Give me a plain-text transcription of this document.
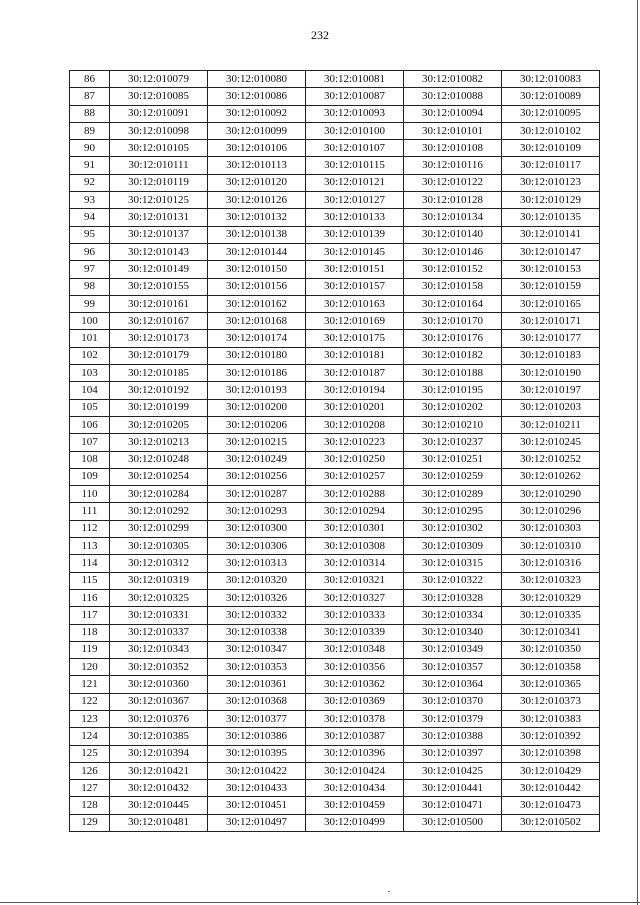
232
86	30:12:010079	30:12:010080	30:12:010081	30:12:010082	30:12:010083
87	30:12:010085	30:12:010086	30:12:010087	30:12:010088	30:12:010089
88	30:12:010091	30:12:010092	30:12:010093	30:12:010094	30:12:010095
89	30:12:010098	30:12:010099	30:12:010100	30:12:010101	30:12:010102
90	30:12:010105	30:12:010106	30:12:010107	30:12:010108	30:12:010109
91	30:12:010111	30:12:010113	30:12:010115	30:12:010116	30:12:010117
92	30:12:010119	30:12:010120	30:12:010121	30:12:010122	30:12:010123
93	30:12:010125	30:12:010126	30:12:010127	30:12:010128	30:12:010129
94	30:12:010131	30:12:010132	30:12:010133	30:12:010134	30:12:010135
95	30:12:010137	30:12:010138	30:12:010139	30:12:010140	30:12:010141
96	30:12:010143	30:12:010144	30:12:010145	30:12:010146	30:12:010147
97	30:12:010149	30:12:010150	30:12:010151	30:12:010152	30:12:010153
98	30:12:010155	30:12:010156	30:12:010157	30:12:010158	30:12:010159
99	30:12:010161	30:12:010162	30:12:010163	30:12:010164	30:12:010165
100	30:12:010167	30:12:010168	30:12:010169	30:12:010170	30:12:010171
101	30:12:010173	30:12:010174	30:12:010175	30:12:010176	30:12:010177
102	30:12:010179	30:12:010180	30:12:010181	30:12:010182	30:12:010183
103	30:12:010185	30:12:010186	30:12:010187	30:12:010188	30:12:010190
104	30:12:010192	30:12:010193	30:12:010194	30:12:010195	30:12:010197
105	30:12:010199	30:12:010200	30:12:010201	30:12:010202	30:12:010203
106	30:12:010205	30:12:010206	30:12:010208	30:12:010210	30:12:010211
107	30:12:010213	30:12:010215	30:12:010223	30:12:010237	30:12:010245
108	30:12:010248	30:12:010249	30:12:010250	30:12:010251	30:12:010252
109	30:12:010254	30:12:010256	30:12:010257	30:12:010259	30:12:010262
110	30:12:010284	30:12:010287	30:12:010288	30:12:010289	30:12:010290
111	30:12:010292	30:12:010293	30:12:010294	30:12:010295	30:12:010296
112	30:12:010299	30:12:010300	30:12:010301	30:12:010302	30:12:010303
113	30:12:010305	30:12:010306	30:12:010308	30:12:010309	30:12:010310
114	30:12:010312	30:12:010313	30:12:010314	30:12:010315	30:12:010316
115	30:12:010319	30:12:010320	30:12:010321	30:12:010322	30:12:010323
116	30:12:010325	30:12:010326	30:12:010327	30:12:010328	30:12:010329
117	30:12:010331	30:12:010332	30:12:010333	30:12:010334	30:12:010335
118	30:12:010337	30:12:010338	30:12:010339	30:12:010340	30:12:010341
119	30:12:010343	30:12:010347	30:12:010348	30:12:010349	30:12:010350
120	30:12:010352	30:12:010353	30:12:010356	30:12:010357	30:12:010358
121	30:12:010360	30:12:010361	30:12:010362	30:12:010364	30:12:010365
122	30:12:010367	30:12:010368	30:12:010369	30:12:010370	30:12:010373
123	30:12:010376	30:12:010377	30:12:010378	30:12:010379	30:12:010383
124	30:12:010385	30:12:010386	30:12:010387	30:12:010388	30:12:010392
125	30:12:010394	30:12:010395	30:12:010396	30:12:010397	30:12:010398
126	30:12:010421	30:12:010422	30:12:010424	30:12:010425	30:12:010429
127	30:12:010432	30:12:010433	30:12:010434	30:12:010441	30:12:010442
128	30:12:010445	30:12:010451	30:12:010459	30:12:010471	30:12:010473
129	30:12:010481	30:12:010497	30:12:010499	30:12:010500	30:12:010502
